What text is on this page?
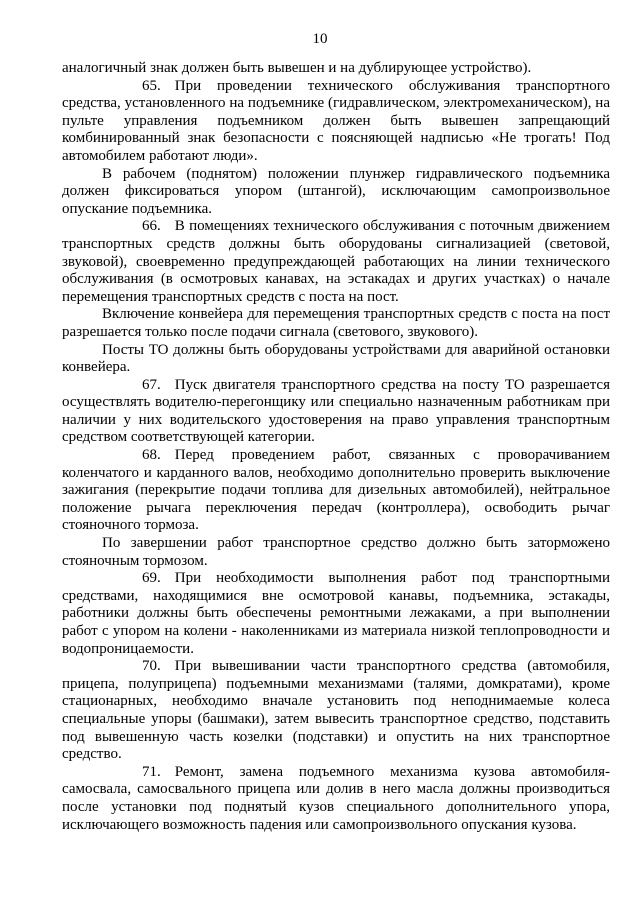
10

аналогичный знак должен быть вывешен и на дублирующее устройство).

65. При проведении технического обслуживания транспортного средства, установленного на подъемнике (гидравлическом, электромеханическом), на пульте управления подъемником должен быть вывешен запрещающий комбинированный знак безопасности с поясняющей надписью «Не трогать! Под автомобилем работают люди».

В рабочем (поднятом) положении плунжер гидравлического подъемника должен фиксироваться упором (штангой), исключающим самопроизвольное опускание подъемника.

66. В помещениях технического обслуживания с поточным движением транспортных средств должны быть оборудованы сигнализацией (световой, звуковой), своевременно предупреждающей работающих на линии технического обслуживания (в осмотровых канавах, на эстакадах и других участках) о начале перемещения транспортных средств с поста на пост.

Включение конвейера для перемещения транспортных средств с поста на пост разрешается только после подачи сигнала (светового, звукового).

Посты ТО должны быть оборудованы устройствами для аварийной остановки конвейера.

67. Пуск двигателя транспортного средства на посту ТО разрешается осуществлять водителю-перегонщику или специально назначенным работникам при наличии у них водительского удостоверения на право управления транспортным средством соответствующей категории.

68. Перед проведением работ, связанных с проворачиванием коленчатого и карданного валов, необходимо дополнительно проверить выключение зажигания (перекрытие подачи топлива для дизельных автомобилей), нейтральное положение рычага переключения передач (контроллера), освободить рычаг стояночного тормоза.

По завершении работ транспортное средство должно быть заторможено стояночным тормозом.

69. При необходимости выполнения работ под транспортными средствами, находящимися вне осмотровой канавы, подъемника, эстакады, работники должны быть обеспечены ремонтными лежаками, а при выполнении работ с упором на колени - наколенниками из материала низкой теплопроводности и водопроницаемости.

70. При вывешивании части транспортного средства (автомобиля, прицепа, полуприцепа) подъемными механизмами (талями, домкратами), кроме стационарных, необходимо вначале установить под неподнимаемые колеса специальные упоры (башмаки), затем вывесить транспортное средство, подставить под вывешенную часть козелки (подставки) и опустить на них транспортное средство.

71. Ремонт, замена подъемного механизма кузова автомобиля-самосвала, самосвального прицепа или долив в него масла должны производиться после установки под поднятый кузов специального дополнительного упора, исключающего возможность падения или самопроизвольного опускания кузова.
